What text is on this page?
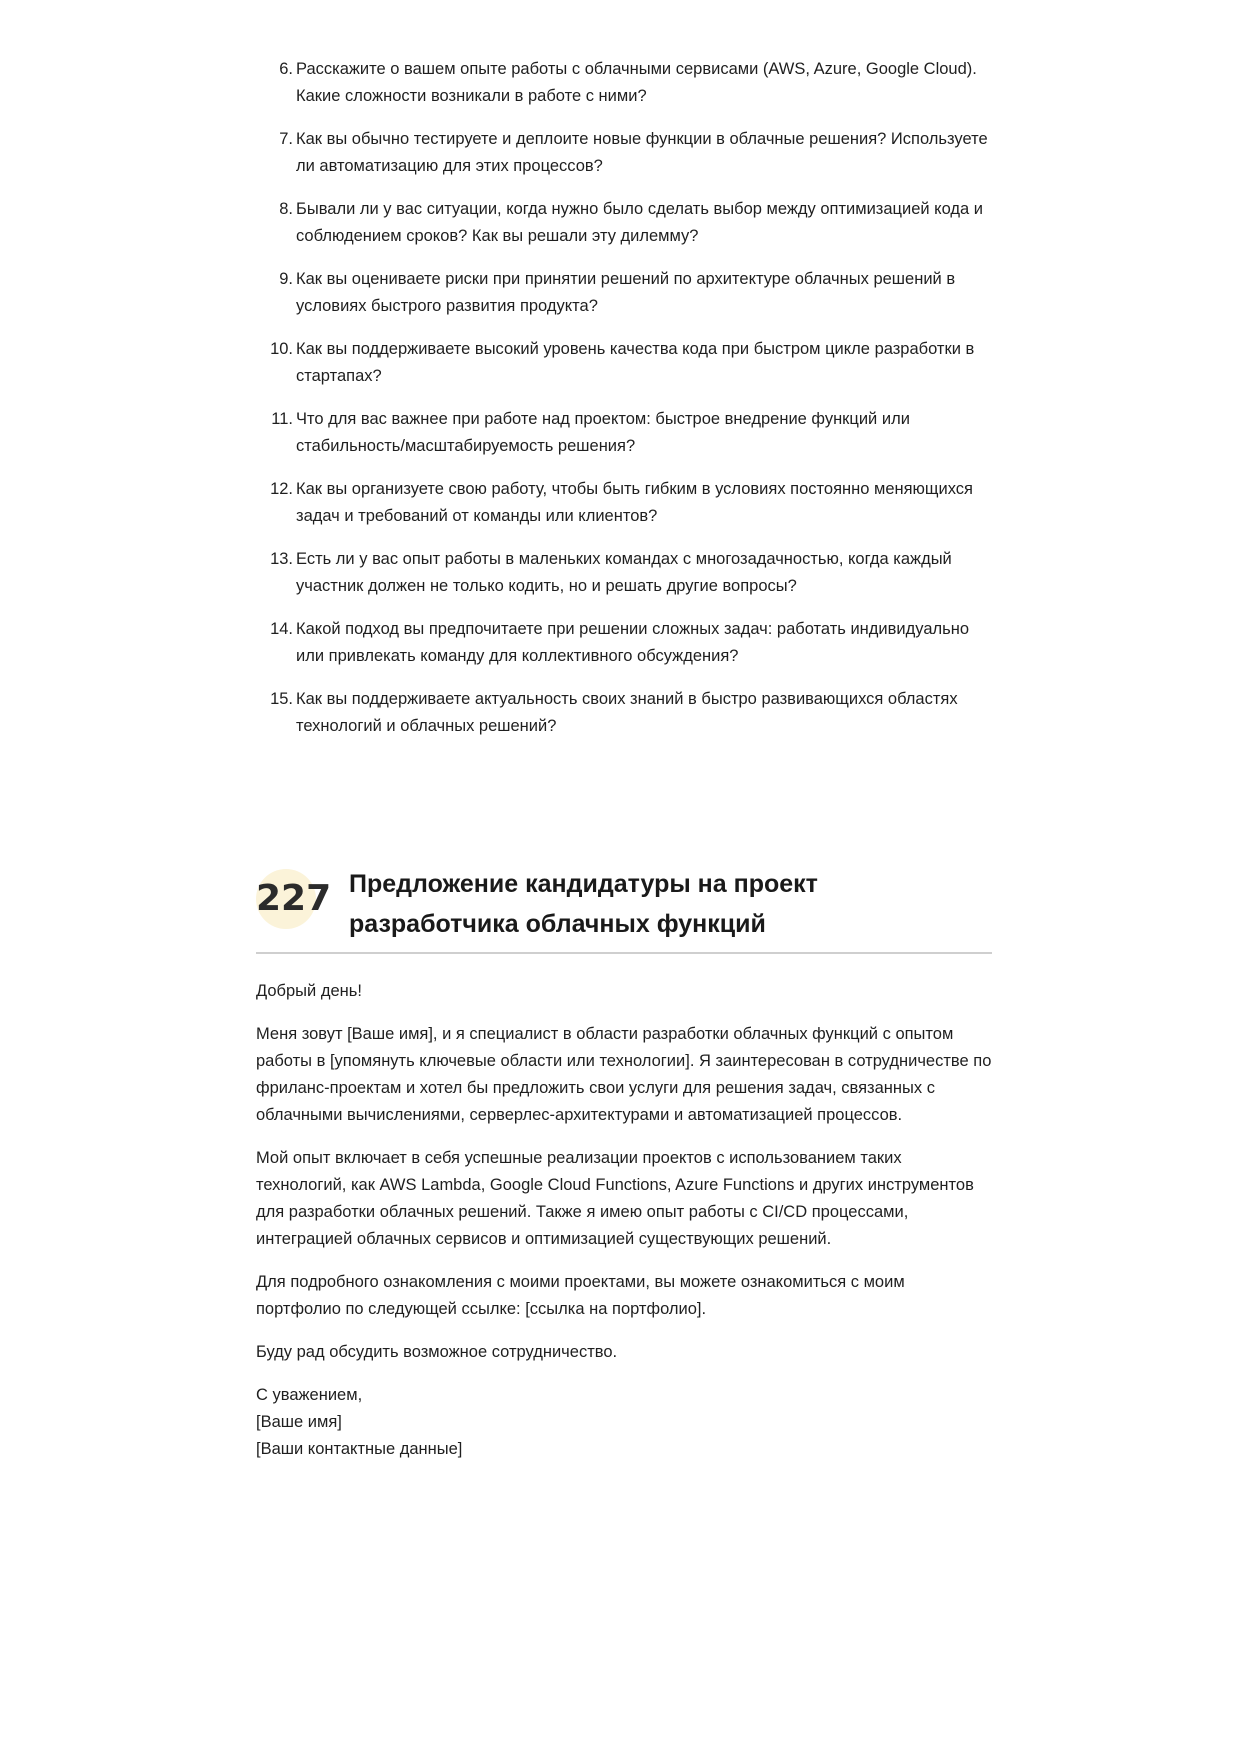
6. Расскажите о вашем опыте работы с облачными сервисами (AWS, Azure, Google Cloud). Какие сложности возникали в работе с ними?
7. Как вы обычно тестируете и деплоите новые функции в облачные решения? Используете ли автоматизацию для этих процессов?
8. Бывали ли у вас ситуации, когда нужно было сделать выбор между оптимизацией кода и соблюдением сроков? Как вы решали эту дилемму?
9. Как вы оцениваете риски при принятии решений по архитектуре облачных решений в условиях быстрого развития продукта?
10. Как вы поддерживаете высокий уровень качества кода при быстром цикле разработки в стартапах?
11. Что для вас важнее при работе над проектом: быстрое внедрение функций или стабильность/масштабируемость решения?
12. Как вы организуете свою работу, чтобы быть гибким в условиях постоянно меняющихся задач и требований от команды или клиентов?
13. Есть ли у вас опыт работы в маленьких командах с многозадачностью, когда каждый участник должен не только кодить, но и решать другие вопросы?
14. Какой подход вы предпочитаете при решении сложных задач: работать индивидуально или привлекать команду для коллективного обсуждения?
15. Как вы поддерживаете актуальность своих знаний в быстро развивающихся областях технологий и облачных решений?
227 Предложение кандидатуры на проект разработчика облачных функций

Добрый день!

Меня зовут [Ваше имя], и я специалист в области разработки облачных функций с опытом работы в [упомянуть ключевые области или технологии]. Я заинтересован в сотрудничестве по фриланс-проектам и хотел бы предложить свои услуги для решения задач, связанных с облачными вычислениями, серверлес-архитектурами и автоматизацией процессов.

Мой опыт включает в себя успешные реализации проектов с использованием таких технологий, как AWS Lambda, Google Cloud Functions, Azure Functions и других инструментов для разработки облачных решений. Также я имею опыт работы с CI/CD процессами, интеграцией облачных сервисов и оптимизацией существующих решений.

Для подробного ознакомления с моими проектами, вы можете ознакомиться с моим портфолио по следующей ссылке: [ссылка на портфолио].

Буду рад обсудить возможное сотрудничество.

С уважением,
[Ваше имя]
[Ваши контактные данные]
